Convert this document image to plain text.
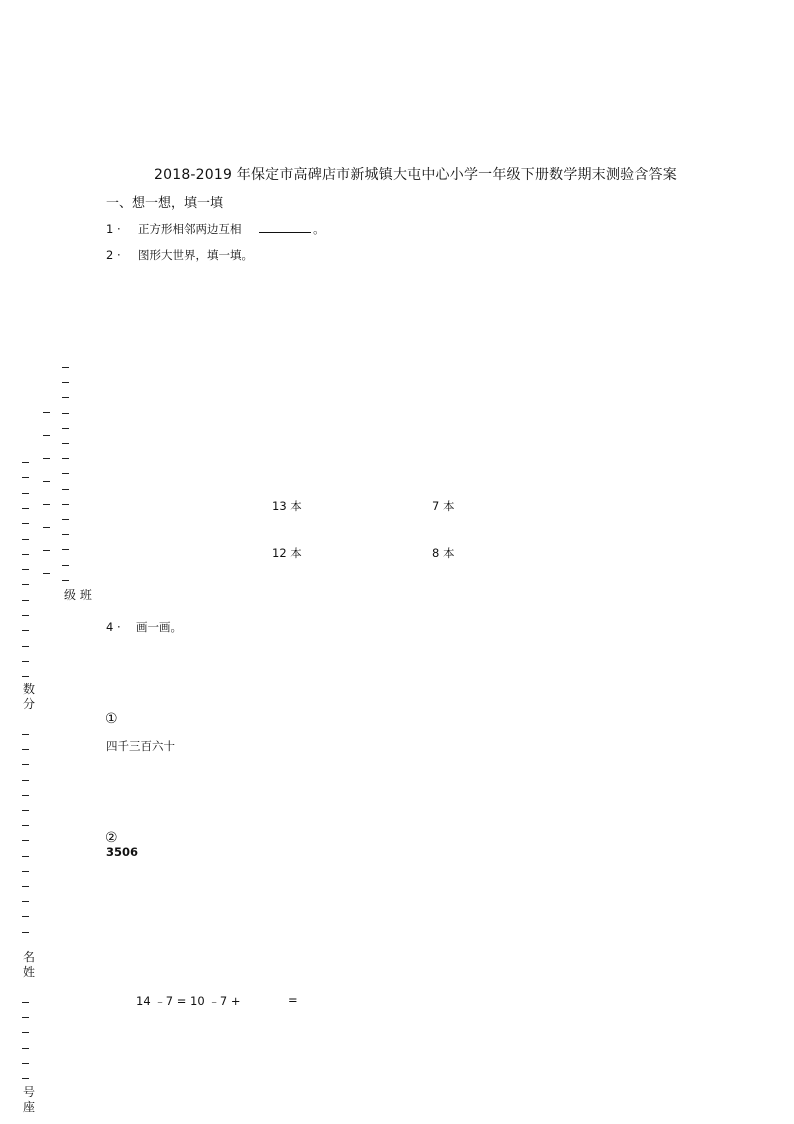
2018-2019 年保定市高碑店市新城镇大屯中心小学一年级下册数学期末测验含答案
一、想一想，填一填
1 · 正方形相邻两边互相	。
2 · 图形大世界，填一填。
13 本	7 本
12 本	8 本
4 · 画一画。
①
四千三百六十
②
3506
14 ﹣7 = 10 ﹣7 +	=
级 班
数
分
名
姓
号
座
